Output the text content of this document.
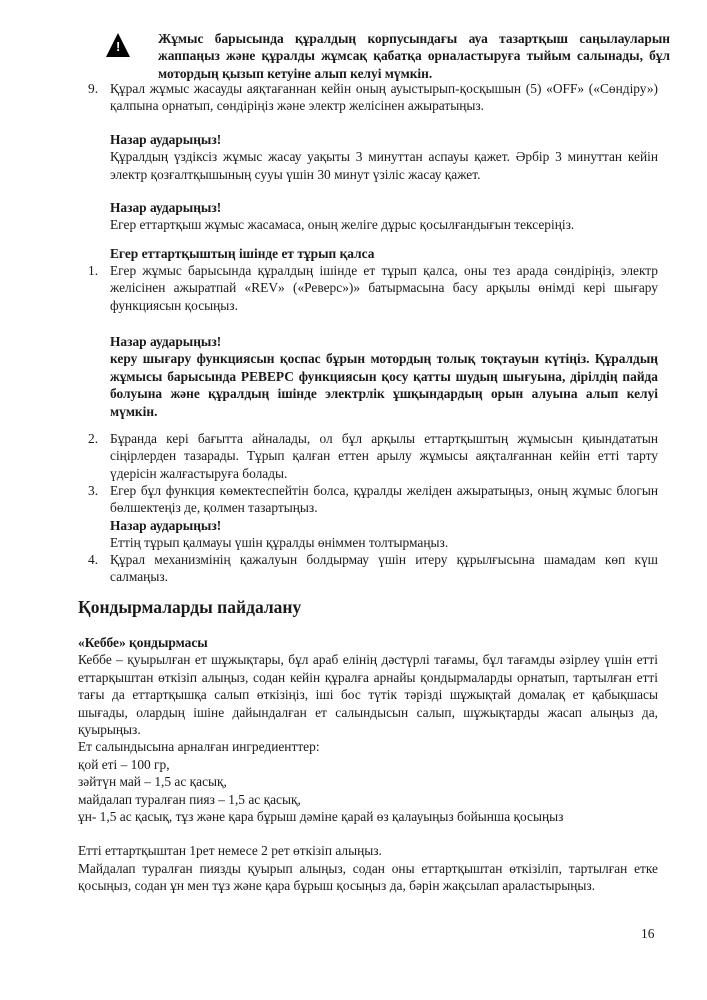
!
Жұмыс барысында құралдың корпусындағы ауа тазартқыш саңылауларын жаппаңыз және құралды жұмсақ қабатқа орналастыруға тыйым салынады, бұл мотордың қызып кетуіне алып келуі мүмкін.
9. Құрал жұмыс жасауды аяқтағаннан кейін оның ауыстырып-қосқышын (5) «OFF» («Сөндіру») қалпына орнатып, сөндіріңіз және электр желісінен ажыратыңыз.

Назар аударыңыз!

Құралдың үздіксіз жұмыс жасау уақыты 3 минуттан аспауы қажет. Әрбір 3 минуттан кейін электр қозғалтқышының сууы үшін 30 минут үзіліс жасау қажет.

Назар аударыңыз!

Егер еттартқыш жұмыс жасамаса, оның желіге дұрыс қосылғандығын тексеріңіз.

Егер еттартқыштың ішінде ет тұрып қалса
1. Егер жұмыс барысында құралдың ішінде ет тұрып қалса, оны тез арада сөндіріңіз, электр желісінен ажыратпай «REV» («Реверс»)» батырмасына басу арқылы өнімді кері шығару функциясын қосыңыз.

Назар аударыңыз!

керу шығару функциясын қоспас бұрын мотордың толық тоқтауын күтіңіз. Құралдың жұмысы барысында РЕВЕРС функциясын қосу қатты шудың шығуына, дірілдің пайда болуына және құралдың ішінде электрлік ұшқындардың орын алуына алып келуі мүмкін.

2. Бұранда кері бағытта айналады, ол бұл арқылы еттартқыштың жұмысын қиындататын сіңірлерден тазарады. Тұрып қалған еттен арылу жұмысы аяқталғаннан кейін етті тарту үдерісін жалғастыруға болады.

3. Егер бұл функция көмектеспейтін болса, құралды желіден ажыратыңыз, оның жұмыс блогын бөлшектеңіз де, қолмен тазартыңыз.

Назар аударыңыз!

Еттің тұрып қалмауы үшін құралды өніммен толтырмаңыз.

4. Құрал механизмінің қажалуын болдырмау үшін итеру құрылғысына шамадам көп күш салмаңыз.

Қондырмаларды пайдалану

«Кеббе» қондырмасы

Кеббе – қуырылған ет шұжықтары, бұл араб елінің дәстүрлі тағамы, бұл тағамды әзірлеу үшін етті еттарқыштан өткізіп алыңыз, содан кейін құралға арнайы қондырмаларды орнатып, тартылған етті тағы да еттартқышқа салып өткізіңіз, іші бос түтік тәрізді шұжықтай домалақ ет қабықшасы шығады, олардың ішіне дайындалған ет салындысын салып, шұжықтарды жасап алыңыз да, қуырыңыз.

Ет салындысына арналған ингредиенттер:

қой еті – 100 гр,

зәйтүн май – 1,5 ас қасық,

майдалап туралған пияз – 1,5 ас қасық,

ұн- 1,5 ас қасық, тұз және қара бұрыш дәміне қарай өз қалауыңыз бойынша қосыңыз

Етті еттартқыштан 1рет немесе 2 рет өткізіп алыңыз.

Майдалап туралған пиязды қуырып алыңыз, содан оны еттартқыштан өткізіліп, тартылған етке қосыңыз, содан ұн мен тұз және қара бұрыш қосыңыз да, бәрін жақсылап араластырыңыз.

16
